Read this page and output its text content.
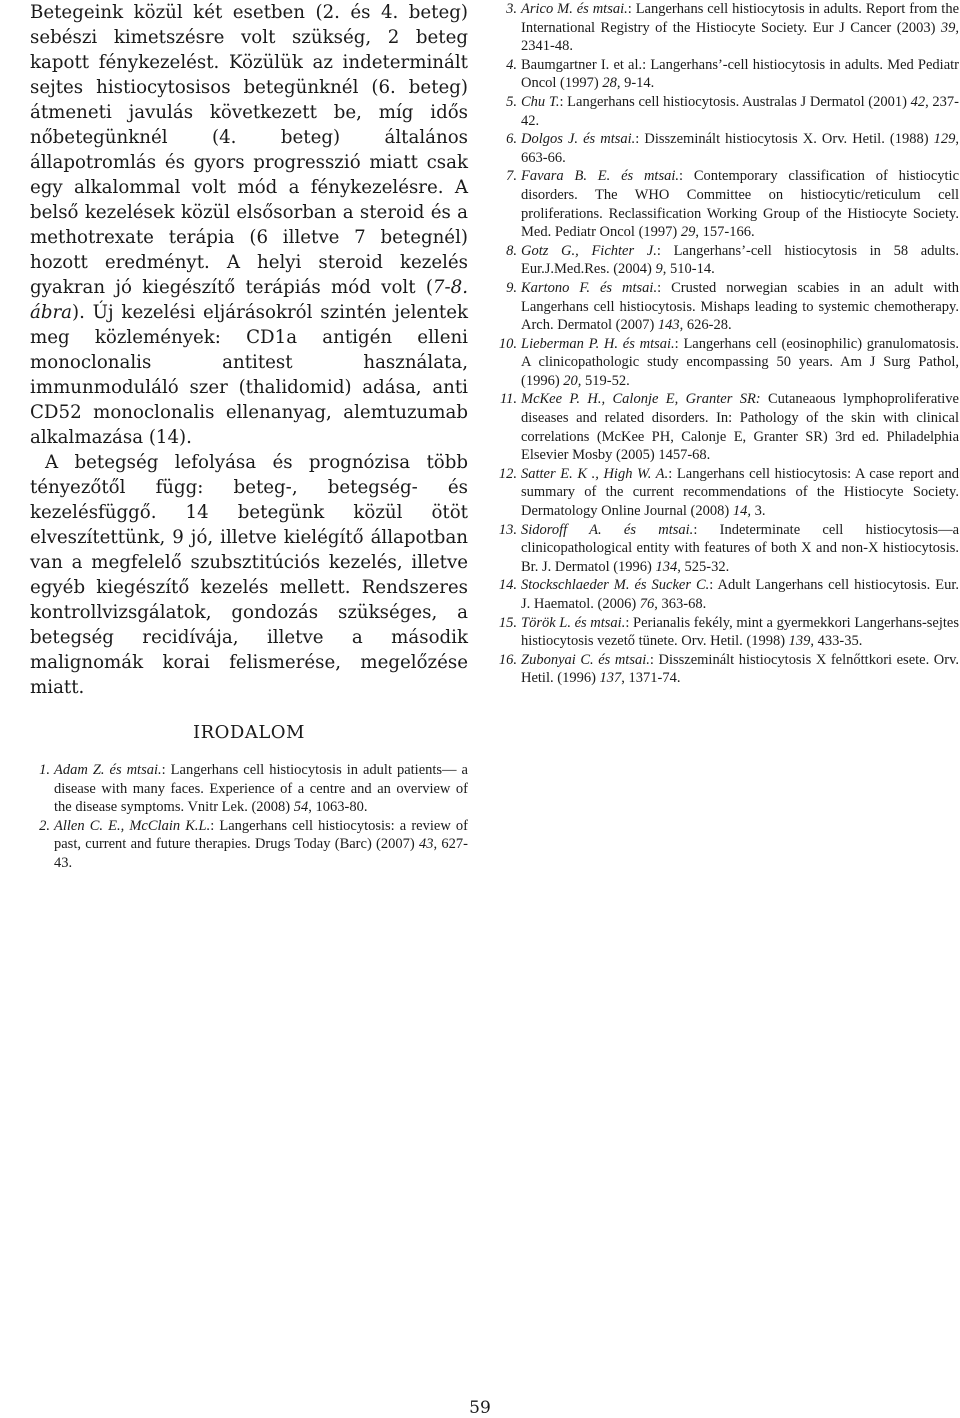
Betegeink közül két esetben (2. és 4. beteg) sebészi kimetszésre volt szükség, 2 beteg kapott fénykezelést. Közülük az indeterminált sejtes histiocytosisos betegünknél (6. beteg) átmeneti javulás következett be, míg idős nőbetegünknél (4. beteg) általános állapotromlás és gyors progresszió miatt csak egy alkalommal volt mód a fénykezelésre. A belső kezelések közül elsősorban a steroid és a methotrexate terápia (6 illetve 7 betegnél) hozott eredményt. A helyi steroid kezelés gyakran jó kiegészítő terápiás mód volt (7-8. ábra). Új kezelési eljárásokról szintén jelentek meg közlemények: CD1a antigén elleni monoclonalis antitest használata, immunmoduláló szer (thalidomid) adása, anti CD52 monoclonalis ellenanyag, alemtuzumab alkalmazása (14).

A betegség lefolyása és prognózisa több tényezőtől függ: beteg-, betegség- és kezelésfüggő. 14 betegünk közül ötöt elveszítettünk, 9 jó, illetve kielégítő állapotban van a megfelelő szubsztitúciós kezelés, illetve egyéb kiegészítő kezelés mellett. Rendszeres kontrollvizsgálatok, gondozás szükséges, a betegség recidívája, illetve a második malignomák korai felismerése, megelőzése miatt.

IRODALOM

1. Adam Z. és mtsai.: Langerhans cell histiocytosis in adult patients— a disease with many faces. Experience of a centre and an overview of the disease symptoms. Vnitr Lek. (2008) 54, 1063-80.

2. Allen C. E., McClain K.L.: Langerhans cell histiocytosis: a review of past, current and future therapies. Drugs Today (Barc) (2007) 43, 627-43.

3. Arico M. és mtsai.: Langerhans cell histiocytosis in adults. Report from the International Registry of the Histiocyte Society. Eur J Cancer (2003) 39, 2341-48.

4. Baumgartner I. et al.: Langerhans’-cell histiocytosis in adults. Med Pediatr Oncol (1997) 28, 9-14.

5. Chu T.: Langerhans cell histiocytosis. Australas J Dermatol (2001) 42, 237-42.

6. Dolgos J. és mtsai.: Disszeminált histiocytosis X. Orv. Hetil. (1988) 129, 663-66.

7. Favara B. E. és mtsai.: Contemporary classification of histiocytic disorders. The WHO Committee on histiocytic/reticulum cell proliferations. Reclassification Working Group of the Histiocyte Society. Med. Pediatr Oncol (1997) 29, 157-166.

8. Gotz G., Fichter J.: Langerhans’-cell histiocytosis in 58 adults. Eur.J.Med.Res. (2004) 9, 510-14.

9. Kartono F. és mtsai.: Crusted norwegian scabies in an adult with Langerhans cell histiocytosis. Mishaps leading to systemic chemotherapy. Arch. Dermatol (2007) 143, 626-28.

10. Lieberman P. H. és mtsai.: Langerhans cell (eosinophilic) granulomatosis. A clinicopathologic study encompassing 50 years. Am J Surg Pathol, (1996) 20, 519-52.

11. McKee P. H., Calonje E, Granter SR: Cutaneaous lymphoproliferative diseases and related disorders. In: Pathology of the skin with clinical correlations (McKee PH, Calonje E, Granter SR) 3rd ed. Philadelphia Elsevier Mosby (2005) 1457-68.

12. Satter E. K ., High W. A.: Langerhans cell histiocytosis: A case report and summary of the current recommendations of the Histiocyte Society. Dermatology Online Journal (2008) 14, 3.

13. Sidoroff A. és mtsai.: Indeterminate cell histiocytosis—a clinicopathological entity with features of both X and non-X histiocytosis. Br. J. Dermatol (1996) 134, 525-32.

14. Stockschlaeder M. és Sucker C.: Adult Langerhans cell histiocytosis. Eur. J. Haematol. (2006) 76, 363-68.

15. Török L. és mtsai.: Perianalis fekély, mint a gyermekkori Langerhans-sejtes histiocytosis vezető tünete. Orv. Hetil. (1998) 139, 433-35.

16. Zubonyai C. és mtsai.: Disszeminált histiocytosis X felnőttkori esete. Orv. Hetil. (1996) 137, 1371-74.

59
